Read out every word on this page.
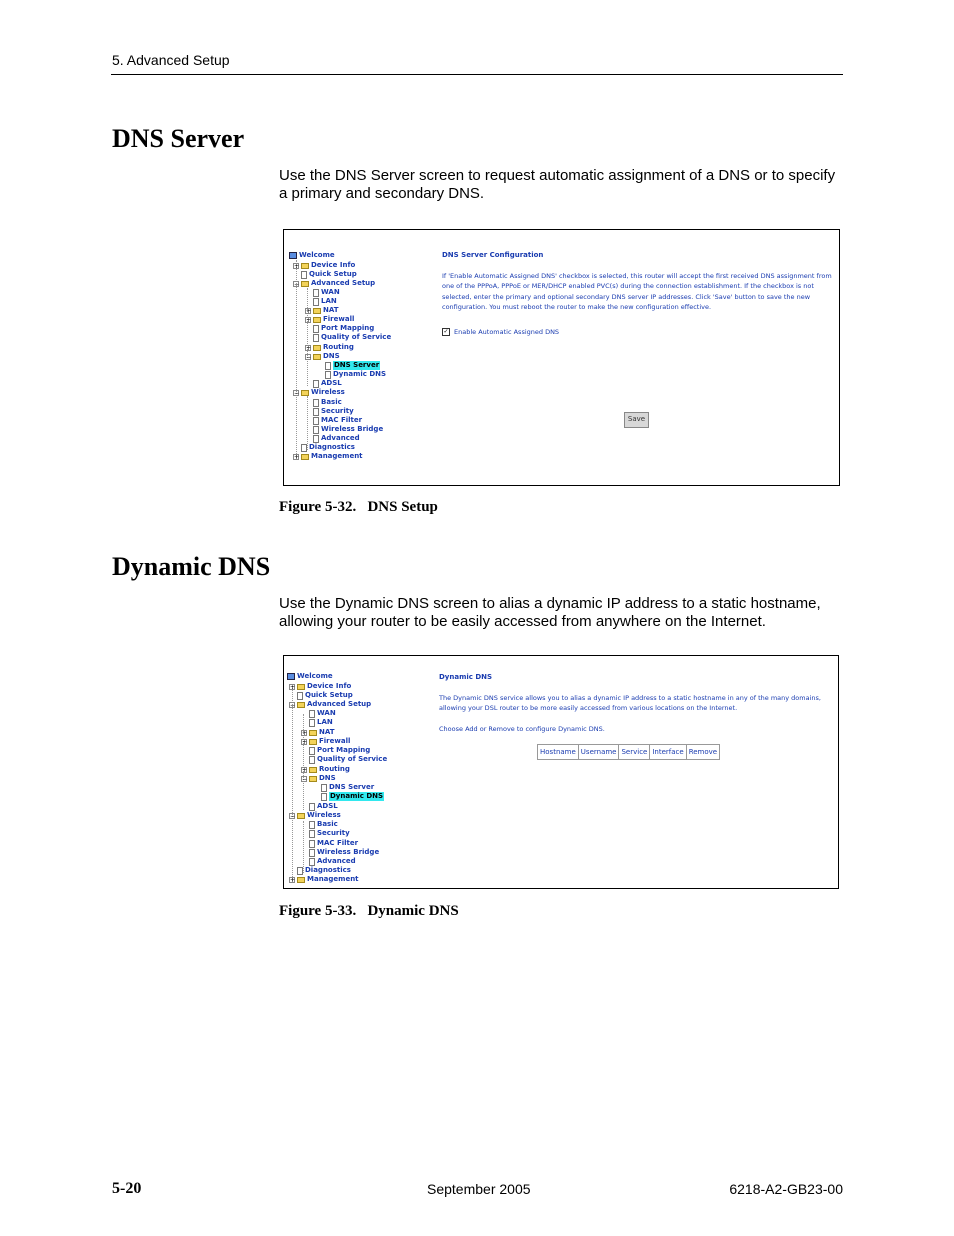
5. Advanced Setup
DNS Server

Use the DNS Server screen to request automatic assignment of a DNS or to specify a primary and secondary DNS.

Welcome
+ Device Info
Quick Setup
− Advanced Setup
WAN
LAN
+ NAT
+ Firewall
Port Mapping
Quality of Service
+ Routing
− DNS
DNS Server
Dynamic DNS
ADSL
− Wireless
Basic
Security
MAC Filter
Wireless Bridge
Advanced
Diagnostics
+ Management
DNS Server Configuration
If 'Enable Automatic Assigned DNS' checkbox is selected, this router will accept the first received DNS assignment from one of the PPPoA, PPPoE or MER/DHCP enabled PVC(s) during the connection establishment. If the checkbox is not selected, enter the primary and optional secondary DNS server IP addresses. Click 'Save' button to save the new configuration. You must reboot the router to make the new configuration effective.
✓ Enable Automatic Assigned DNS
Save
Figure 5-32.   DNS Setup
Dynamic DNS

Use the Dynamic DNS screen to alias a dynamic IP address to a static hostname, allowing your router to be easily accessed from anywhere on the Internet.

Welcome
+ Device Info
Quick Setup
− Advanced Setup
WAN
LAN
+ NAT
+ Firewall
Port Mapping
Quality of Service
+ Routing
− DNS
DNS Server
Dynamic DNS
ADSL
− Wireless
Basic
Security
MAC Filter
Wireless Bridge
Advanced
Diagnostics
+ Management
Dynamic DNS
The Dynamic DNS service allows you to alias a dynamic IP address to a static hostname in any of the many domains, allowing your DSL router to be more easily accessed from various locations on the Internet.
Choose Add or Remove to configure Dynamic DNS.
Hostname	Username	Service	Interface	Remove
Figure 5-33.   Dynamic DNS
5-20	September 2005	6218-A2-GB23-00
